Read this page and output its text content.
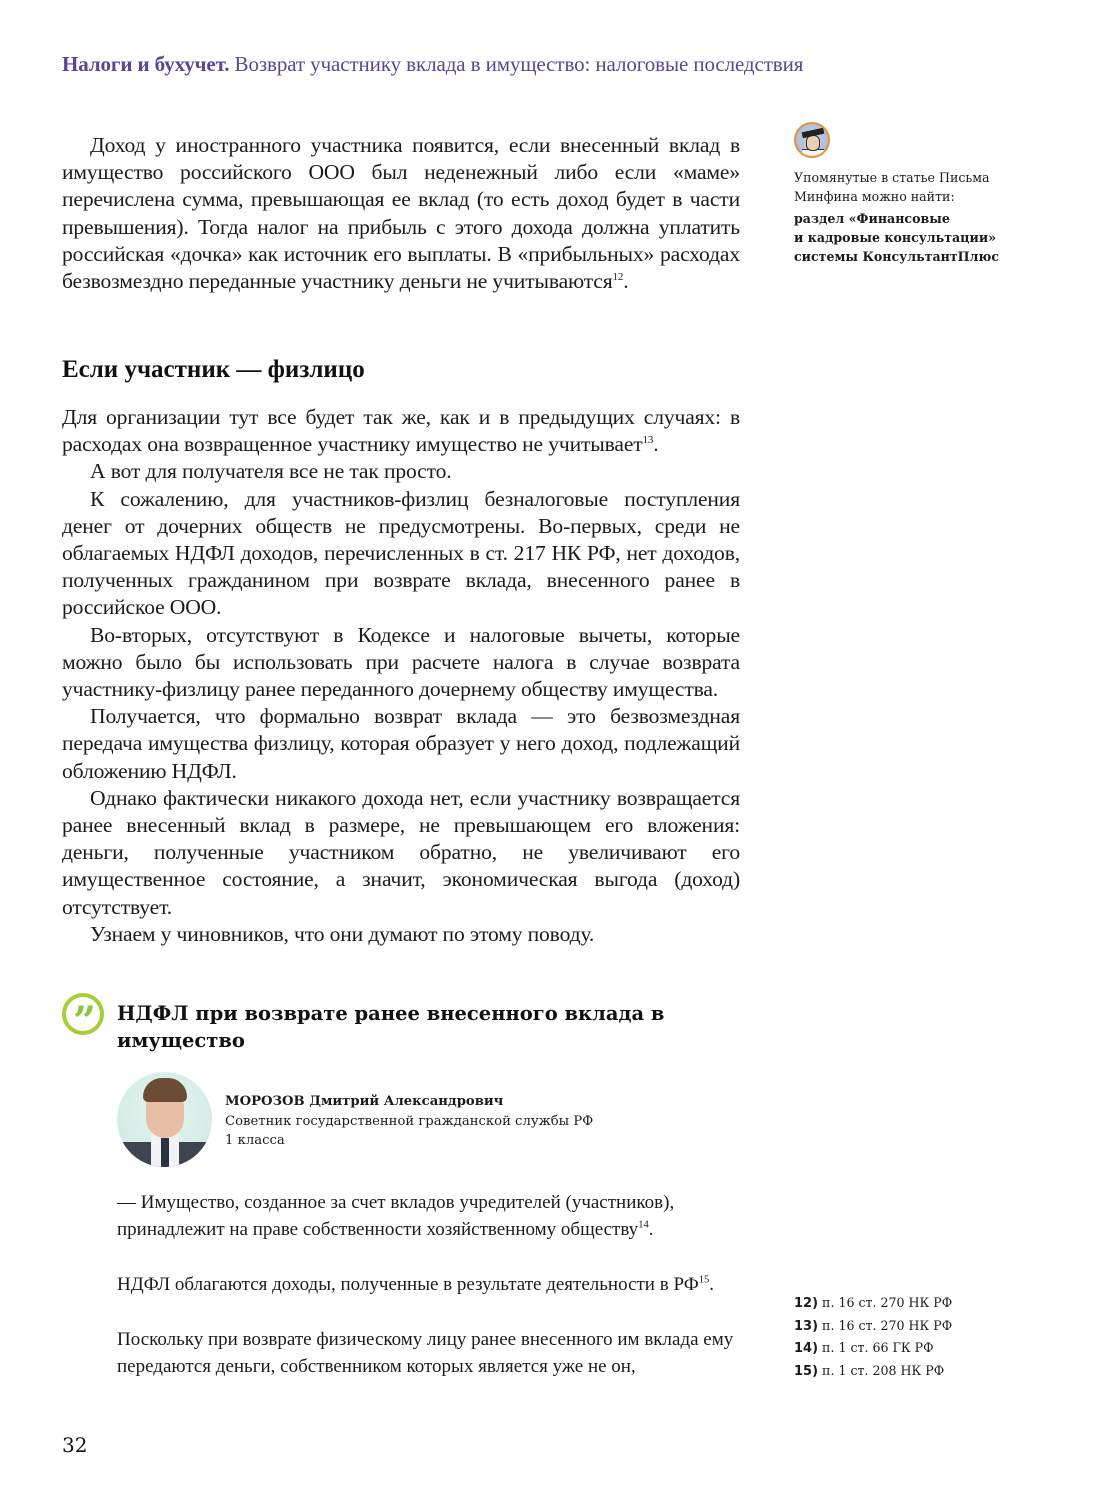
Налоги и бухучет. Возврат участнику вклада в имущество: налоговые последствия

Доход у иностранного участника появится, если внесенный вклад в имущество российского ООО был неденежный либо если «маме» перечислена сумма, превышающая ее вклад (то есть доход будет в части превышения). Тогда налог на прибыль с этого дохода должна уплатить российская «дочка» как источник его выплаты. В «прибыльных» расходах безвозмездно переданные участнику деньги не учитываются$^{12}$.

Если участник — физлицо

Для организации тут все будет так же, как и в предыдущих случаях: в расходах она возвращенное участнику имущество не учитывает$^{13}$.

А вот для получателя все не так просто.

К сожалению, для участников-физлиц безналоговые поступления денег от дочерних обществ не предусмотрены. Во-первых, среди не облагаемых НДФЛ доходов, перечисленных в ст. 217 НК РФ, нет доходов, полученных гражданином при возврате вклада, внесенного ранее в российское ООО.

Во-вторых, отсутствуют в Кодексе и налоговые вычеты, которые можно было бы использовать при расчете налога в случае возврата участнику-физлицу ранее переданного дочернему обществу имущества.

Получается, что формально возврат вклада — это безвозмездная передача имущества физлицу, которая образует у него доход, подлежащий обложению НДФЛ.

Однако фактически никакого дохода нет, если участнику возвращается ранее внесенный вклад в размере, не превышающем его вложения: деньги, полученные участником обратно, не увеличивают его имущественное состояние, а значит, экономическая выгода (доход) отсутствует.

Узнаем у чиновников, что они думают по этому поводу.

” НДФЛ при возврате ранее внесенного вклада в имущество
МОРОЗОВ Дмитрий Александрович
Советник государственной гражданской службы РФ
1 класса

— Имущество, созданное за счет вкладов учредителей (участников), принадлежит на праве собственности хозяйственному обществу$^{14}$.

НДФЛ облагаются доходы, полученные в результате деятельности в РФ$^{15}$.

Поскольку при возврате физическому лицу ранее внесенного им вклада ему передаются деньги, собственником которых является уже не он,

Упомянутые в статье Письма
Минфина можно найти:
раздел «Финансовые
и кадровые консультации»
системы КонсультантПлюс
12) п. 16 ст. 270 НК РФ
13) п. 16 ст. 270 НК РФ
14) п. 1 ст. 66 ГК РФ
15) п. 1 ст. 208 НК РФ
32
